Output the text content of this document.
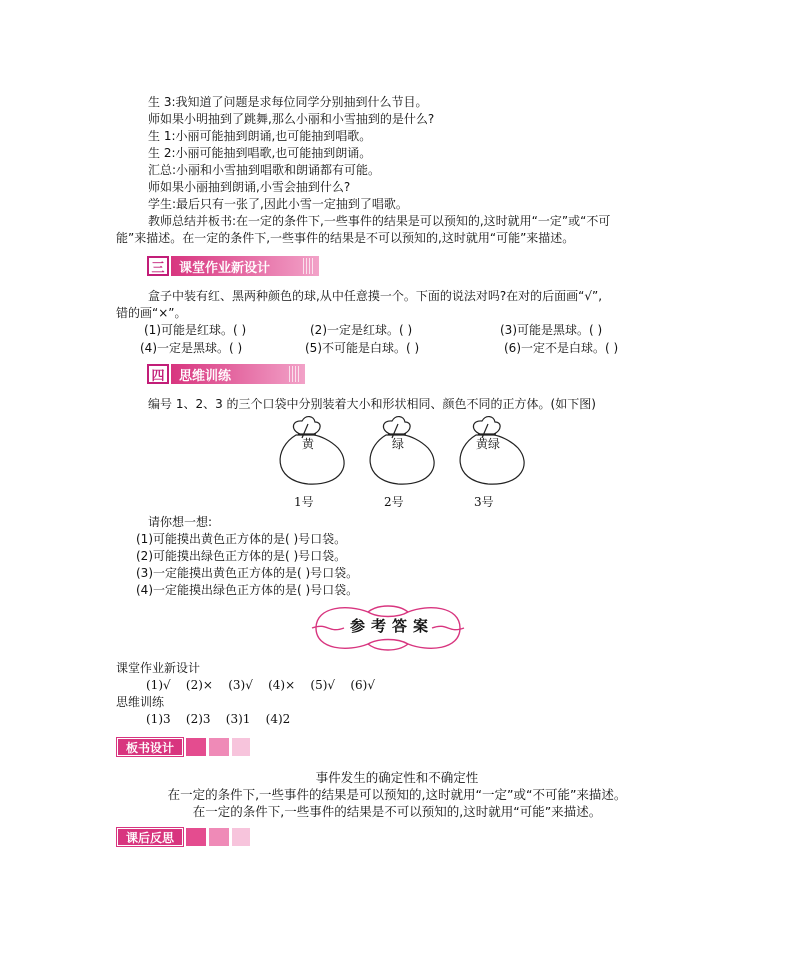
生 3:我知道了问题是求每位同学分别抽到什么节目。
师如果小明抽到了跳舞,那么小丽和小雪抽到的是什么?
生 1:小丽可能抽到朗诵,也可能抽到唱歌。
生 2:小丽可能抽到唱歌,也可能抽到朗诵。
汇总:小丽和小雪抽到唱歌和朗诵都有可能。
师如果小丽抽到朗诵,小雪会抽到什么?
学生:最后只有一张了,因此小雪一定抽到了唱歌。
教师总结并板书:在一定的条件下,一些事件的结果是可以预知的,这时就用“一定”或“不可
能”来描述。在一定的条件下,一些事件的结果是不可以预知的,这时就用“可能”来描述。
三	课堂作业新设计
盒子中装有红、黑两种颜色的球,从中任意摸一个。下面的说法对吗?在对的后面画“√”,
错的画“×”。
(1)可能是红球。( )	(2)一定是红球。( )	(3)可能是黑球。( )
(4)一定是黑球。( )	(5)不可能是白球。( )	(6)一定不是白球。( )
四	思维训练
编号 1、2、3 的三个口袋中分别装着大小和形状相同、颜色不同的正方体。(如下图)
黄	绿	黄绿
1号	2号	3号
请你想一想:
(1)可能摸出黄色正方体的是( )号口袋。
(2)可能摸出绿色正方体的是( )号口袋。
(3)一定能摸出黄色正方体的是( )号口袋。
(4)一定能摸出绿色正方体的是( )号口袋。
参考答案
课堂作业新设计
(1)√    (2)×    (3)√    (4)×    (5)√    (6)√
思维训练
(1)3    (2)3    (3)1    (4)2
板书设计
事件发生的确定性和不确定性
在一定的条件下,一些事件的结果是可以预知的,这时就用“一定”或“不可能”来描述。
在一定的条件下,一些事件的结果是不可以预知的,这时就用“可能”来描述。
课后反思
